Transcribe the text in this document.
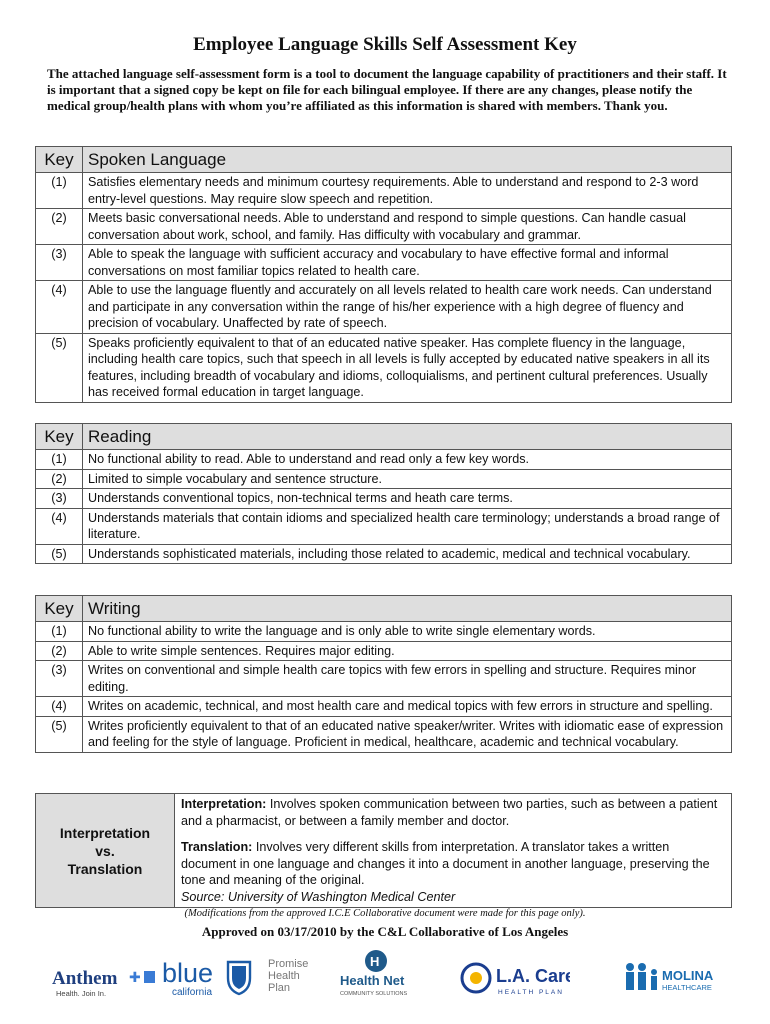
Employee Language Skills Self Assessment Key
The attached language self-assessment form is a tool to document the language capability of practitioners and their staff. It is important that a signed copy be kept on file for each bilingual employee. If there are any changes, please notify the medical group/health plans with whom you’re affiliated as this information is shared with members. Thank you.
Key	Spoken Language
(1)	Satisfies elementary needs and minimum courtesy requirements. Able to understand and respond to 2-3 word entry-level questions. May require slow speech and repetition.
(2)	Meets basic conversational needs. Able to understand and respond to simple questions. Can handle casual conversation about work, school, and family. Has difficulty with vocabulary and grammar.
(3)	Able to speak the language with sufficient accuracy and vocabulary to have effective formal and informal conversations on most familiar topics related to health care.
(4)	Able to use the language fluently and accurately on all levels related to health care work needs. Can understand and participate in any conversation within the range of his/her experience with a high degree of fluency and precision of vocabulary. Unaffected by rate of speech.
(5)	Speaks proficiently equivalent to that of an educated native speaker. Has complete fluency in the language, including health care topics, such that speech in all levels is fully accepted by educated native speakers in all its features, including breadth of vocabulary and idioms, colloquialisms, and pertinent cultural preferences. Usually has received formal education in target language.
Key	Reading
(1)	No functional ability to read. Able to understand and read only a few key words.
(2)	Limited to simple vocabulary and sentence structure.
(3)	Understands conventional topics, non-technical terms and heath care terms.
(4)	Understands materials that contain idioms and specialized health care terminology; understands a broad range of literature.
(5)	Understands sophisticated materials, including those related to academic, medical and technical vocabulary.
Key	Writing
(1)	No functional ability to write the language and is only able to write single elementary words.
(2)	Able to write simple sentences. Requires major editing.
(3)	Writes on conventional and simple health care topics with few errors in spelling and structure. Requires minor editing.
(4)	Writes on academic, technical, and most health care and medical topics with few errors in structure and spelling.
(5)	Writes proficiently equivalent to that of an educated native speaker/writer. Writes with idiomatic ease of expression and feeling for the style of language. Proficient in medical, healthcare, academic and technical vocabulary.
Interpretation
vs.
Translation

Interpretation: Involves spoken communication between two parties, such as between a patient and a pharmacist, or between a family member and doctor.
Translation: Involves very different skills from interpretation. A translator takes a written document in one language and changes it into a document in another language, preserving the tone and meaning of the original.
Source: University of Washington Medical Center
(Modifications from the approved I.C.E Collaborative document were made for this page only).
Approved on 03/17/2010 by the C&L Collaborative of Los Angeles
Anthem ✚
Health. Join In.
blue
california
Promise
Health
Plan
H
Health Net
COMMUNITY SOLUTIONS
L.A. Care
HEALTH PLAN
MOLINA
HEALTHCARE
